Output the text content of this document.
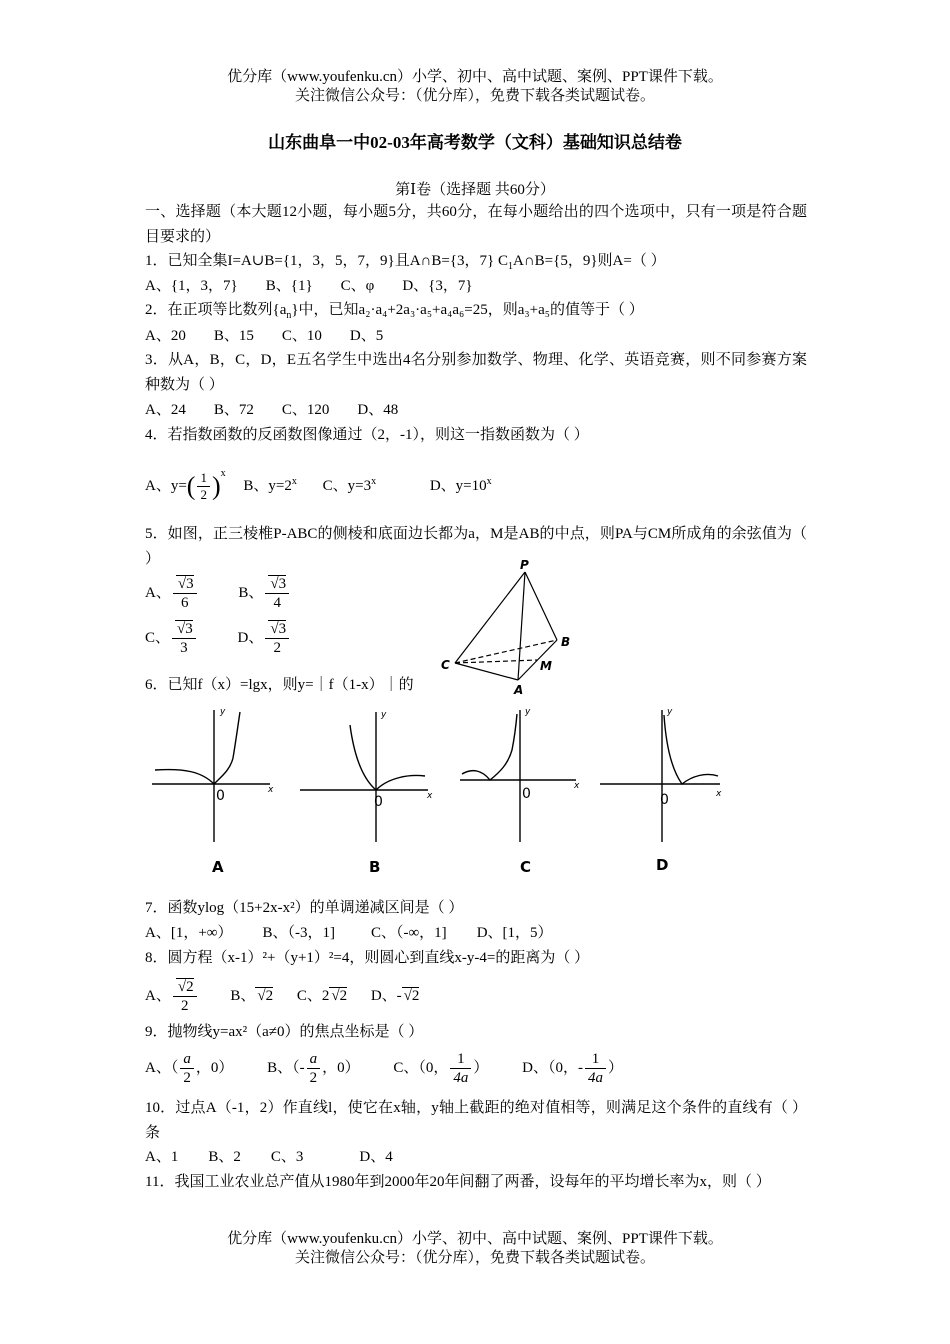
优分库（www.youfenku.cn）小学、初中、高中试题、案例、PPT课件下载。
关注微信公众号：（优分库），免费下载各类试题试卷。
山东曲阜一中02-03年高考数学（文科）基础知识总结卷
第Ⅰ卷（选择题 共60分）
一、选择题（本大题12小题，每小题5分，共60分，在每小题给出的四个选项中，只有一项是符合题目要求的）
1．已知全集I=A∪B={1，3，5，7，9}且A∩B={3，7} $C_1A\cap B=\{5$，9}则A=（ ）
A、{1，3，7} B、{1} C、φ D、{3，7}
2．在正项等比数列$\{a_n\}$中，已知a₂·a₄+2a₃·a₅+a₄a₆=25，则a₃+a₅的值等于（ ）
A、20 B、15 C、10 D、5
3．从A，B，C，D，E五名学生中选出4名分别参加数学、物理、化学、英语竞赛，则不同参赛方案种数为（ ）
A、24 B、72 C、120 D、48
4．若指数函数的反函数图像通过（2，-1），则这一指数函数为（ ）
A、$y=( \frac{1}{2} )^x$ B、$y=2^x$ C、$y=3^x$	D、$y=10^x$
5．如图，正三棱椎P-ABC的侧棱和底面边长都为a，M是AB的中点，则PA与CM所成角的余弦值为（ ）
A、 √ $\frac{3}{6}$	B、 √ $\frac{3}{4}$
C、 √ $\frac{3}{3}$	D、 √ $\frac{3}{2}$
P
B
C	M
A
6．已知f（x）=lgx，则y=｜f（1-x）｜的
y
x
y
x
y
x
y
x
0	0	0	0
A	B	C	D
7．函数ylog（15+2x-x²）的单调递减区间是（ ）
A、[1，+∞） B、（-3，1] C、（-∞，1] D、[1，5）
8．圆方程（x-1）²+（y+1）²=4，则圆心到直线x-y-4=的距离为（ ）
A、 √ $\frac{2}{2}$ B、 √ 2 C、2 √ 2 D、- √ 2
9．抛物线y=ax²（a≠0）的焦点坐标是（ ）
A、（ $\frac{a}{2}$ ，0） B、（- $\frac{a}{2}$ ，0） C、（0， $\frac{1}{4a}$ ） D、（0，- $\frac{1}{4a}$ ）
10．过点A（-1，2）作直线l，使它在x轴，y轴上截距的绝对值相等，则满足这个条件的直线有（ ）条
A、1 B、2 C、3	D、4
11．我国工业农业总产值从1980年到2000年20年间翻了两番，设每年的平均增长率为x，则（ ）
优分库（www.youfenku.cn）小学、初中、高中试题、案例、PPT课件下载。
关注微信公众号：（优分库），免费下载各类试题试卷。
